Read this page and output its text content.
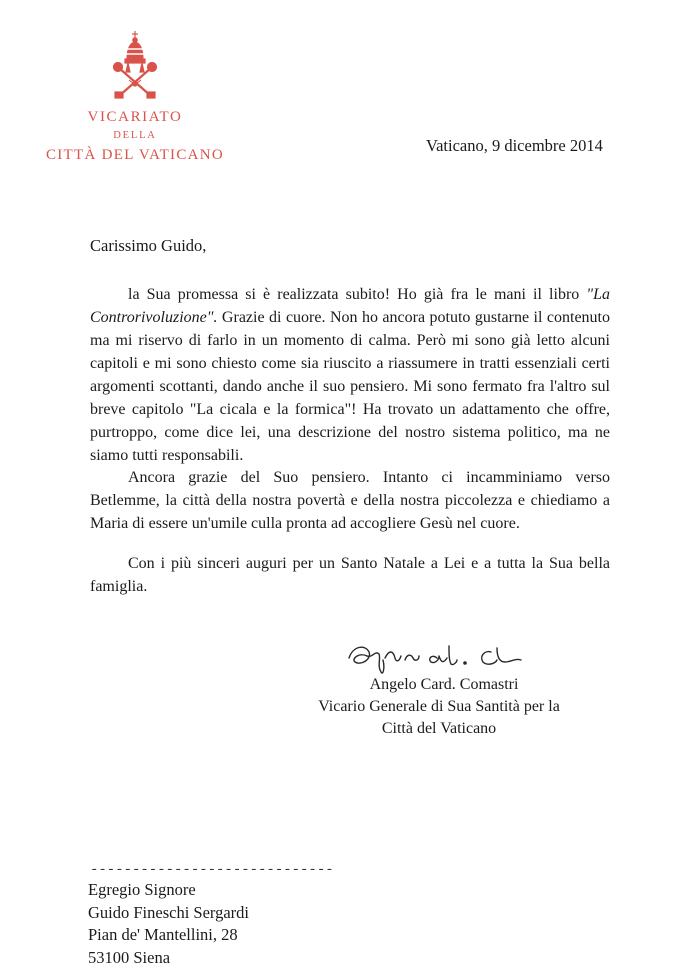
VICARIATO
DELLA
CITTÀ DEL VATICANO	Vaticano, 9 dicembre 2014
Carissimo Guido,

la Sua promessa si è realizzata subito! Ho già fra le mani il libro "La Controrivoluzione". Grazie di cuore. Non ho ancora potuto gustarne il contenuto ma mi riservo di farlo in un momento di calma. Però mi sono già letto alcuni capitoli e mi sono chiesto come sia riuscito a riassumere in tratti essenziali certi argomenti scottanti, dando anche il suo pensiero. Mi sono fermato fra l'altro sul breve capitolo "La cicala e la formica"! Ha trovato un adattamento che offre, purtroppo, come dice lei, una descrizione del nostro sistema politico, ma ne siamo tutti responsabili.

Ancora grazie del Suo pensiero. Intanto ci incamminiamo verso Betlemme, la città della nostra povertà e della nostra piccolezza e chiediamo a Maria di essere un'umile culla pronta ad accogliere Gesù nel cuore.

Con i più sinceri auguri per un Santo Natale a Lei e a tutta la Sua bella famiglia.

Angelo Card. Comastri
Vicario Generale di Sua Santità per la
Città del Vaticano
-----------------------------
Egregio Signore
Guido Fineschi Sergardi
Pian de' Mantellini, 28
53100 Siena
